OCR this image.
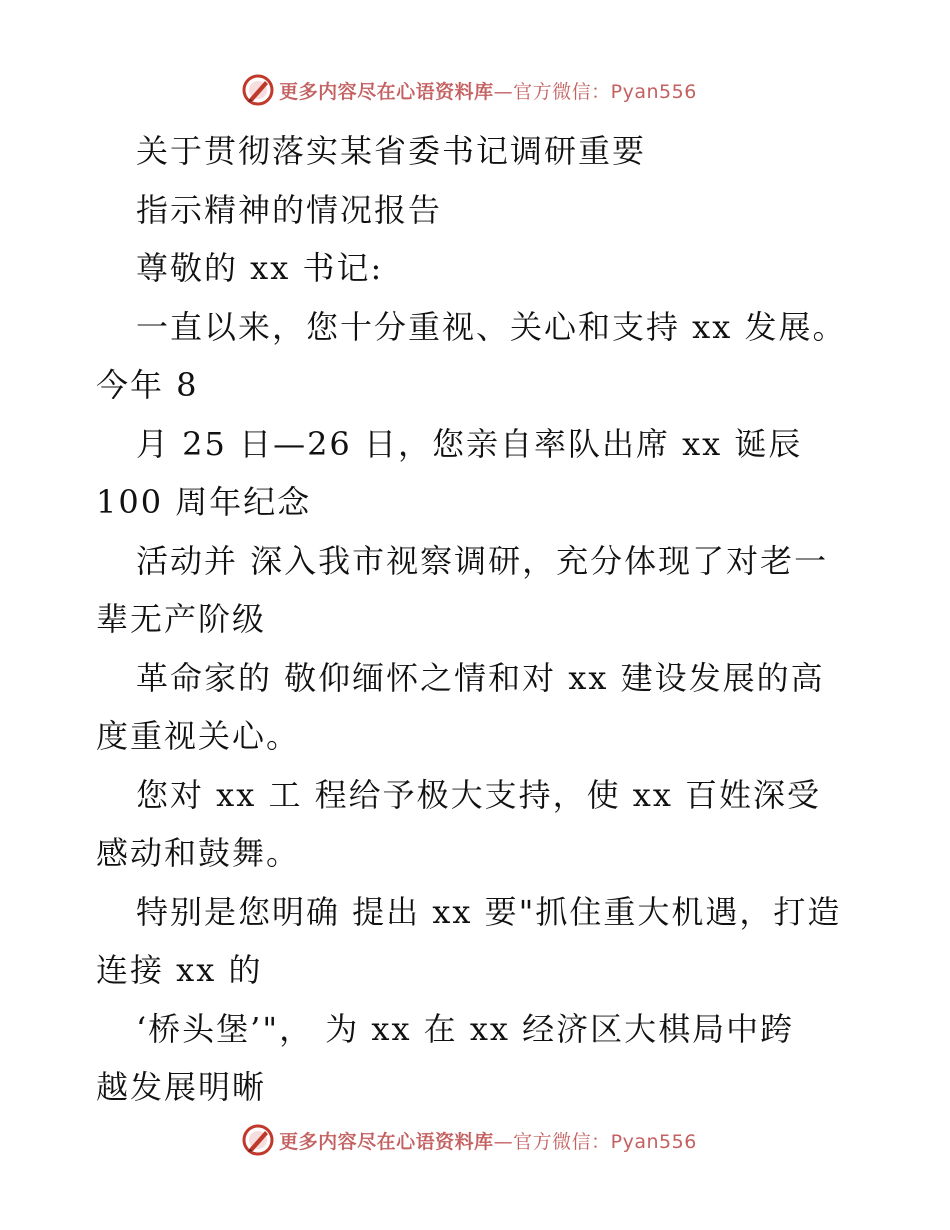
更多内容尽在心语资料库—官方微信：Pyan556
关于贯彻落实某省委书记调研重要
指示精神的情况报告
尊敬的 xx 书记:
一直以来，您十分重视、关心和支持 xx 发展。
今年 8
月 25 日—26 日，您亲自率队出席 xx 诞辰
100 周年纪念
活动并 深入我市视察调研，充分体现了对老一
辈无产阶级
革命家的 敬仰缅怀之情和对 xx 建设发展的高
度重视关心。
您对 xx 工 程给予极大支持，使 xx 百姓深受
感动和鼓舞。
特别是您明确 提出 xx 要"抓住重大机遇，打造
连接 xx 的
‘桥头堡’"， 为 xx 在 xx 经济区大棋局中跨
越发展明晰
更多内容尽在心语资料库—官方微信：Pyan556
